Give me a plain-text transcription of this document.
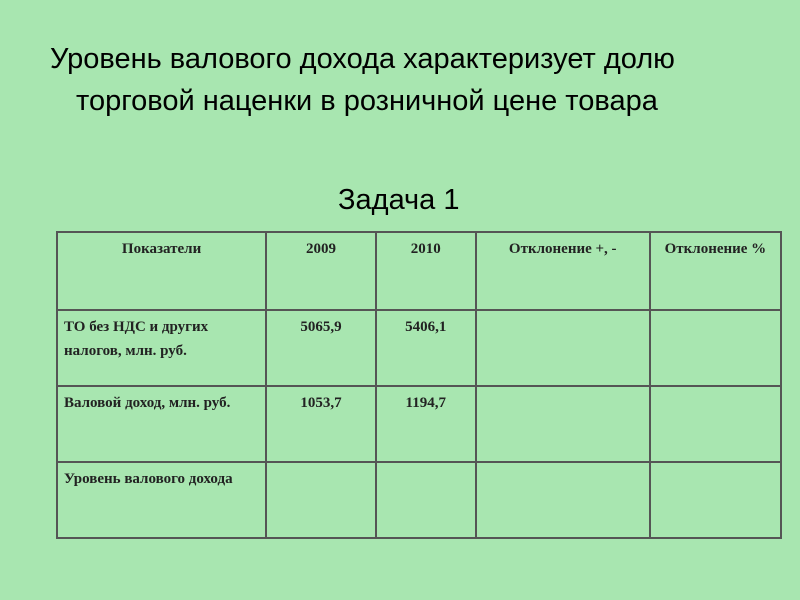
Уровень валового дохода характеризует долю
торговой наценки в розничной цене товара
Задача 1
Показатели	2009	2010	Отклонение +, -	Отклонение %
ТО без НДС и других налогов, млн. руб.	5065,9	5406,1		
Валовой доход, млн. руб.	1053,7	1194,7		
Уровень валового дохода				
